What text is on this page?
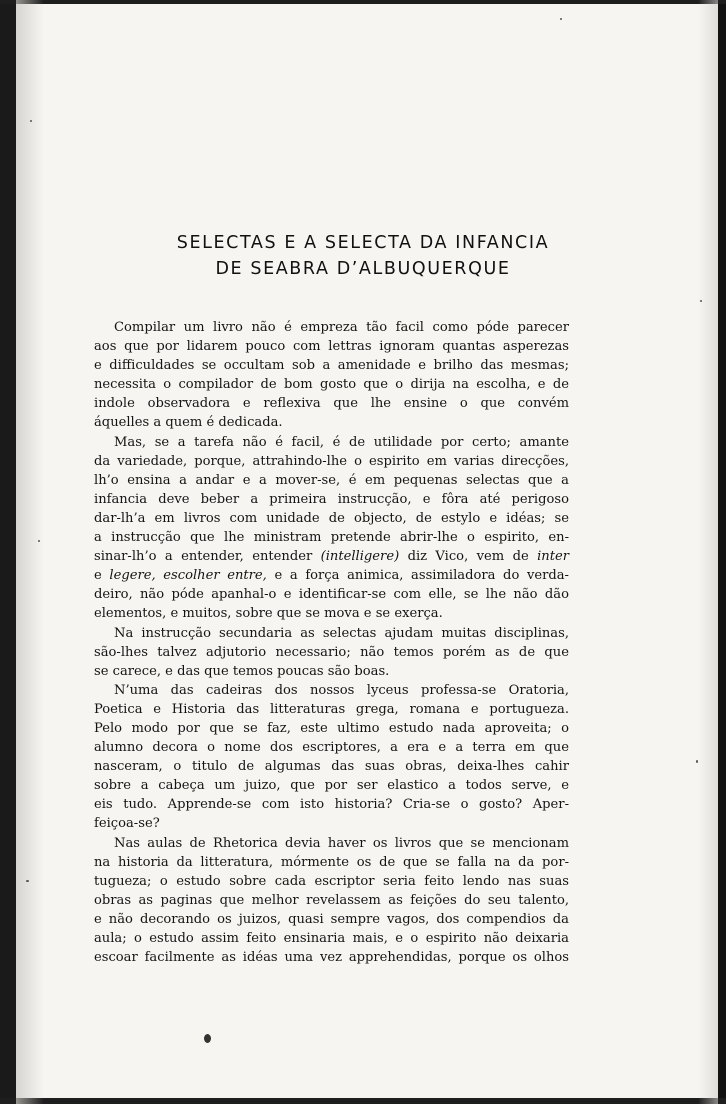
SELECTAS E A SELECTA DA INFANCIA
DE SEABRA D’ALBUQUERQUE
Compilar um livro não é empreza tão facil como póde parecer
aos que por lidarem pouco com lettras ignoram quantas asperezas
e difficuldades se occultam sob a amenidade e brilho das mesmas;
necessita o compilador de bom gosto que o dirija na escolha, e de
indole observadora e reflexiva que lhe ensine o que convém
áquelles a quem é dedicada.
Mas, se a tarefa não é facil, é de utilidade por certo; amante
da variedade, porque, attrahindo-lhe o espirito em varias direcções,
lh’o ensina a andar e a mover-se, é em pequenas selectas que a
infancia deve beber a primeira instrucção, e fôra até perigoso
dar-lh’a em livros com unidade de objecto, de estylo e idéas; se
a instrucção que lhe ministram pretende abrir-lhe o espirito, en-
sinar-lh’o a entender, entender (intelligere) diz Vico, vem de inter
e legere, escolher entre, e a força animica, assimiladora do verda-
deiro, não póde apanhal-o e identificar-se com elle, se lhe não dão
elementos, e muitos, sobre que se mova e se exerça.
Na instrucção secundaria as selectas ajudam muitas disciplinas,
são-lhes talvez adjutorio necessario; não temos porém as de que
se carece, e das que temos poucas são boas.
N’uma das cadeiras dos nossos lyceus professa-se Oratoria,
Poetica e Historia das litteraturas grega, romana e portugueza.
Pelo modo por que se faz, este ultimo estudo nada aproveita; o
alumno decora o nome dos escriptores, a era e a terra em que
nasceram, o titulo de algumas das suas obras, deixa-lhes cahir
sobre a cabeça um juizo, que por ser elastico a todos serve, e
eis tudo. Apprende-se com isto historia? Cria-se o gosto? Aper-
feiçoa-se?
Nas aulas de Rhetorica devia haver os livros que se mencionam
na historia da litteratura, mórmente os de que se falla na da por-
tugueza; o estudo sobre cada escriptor seria feito lendo nas suas
obras as paginas que melhor revelassem as feições do seu talento,
e não decorando os juizos, quasi sempre vagos, dos compendios da
aula; o estudo assim feito ensinaria mais, e o espirito não deixaria
escoar facilmente as idéas uma vez apprehendidas, porque os olhos
